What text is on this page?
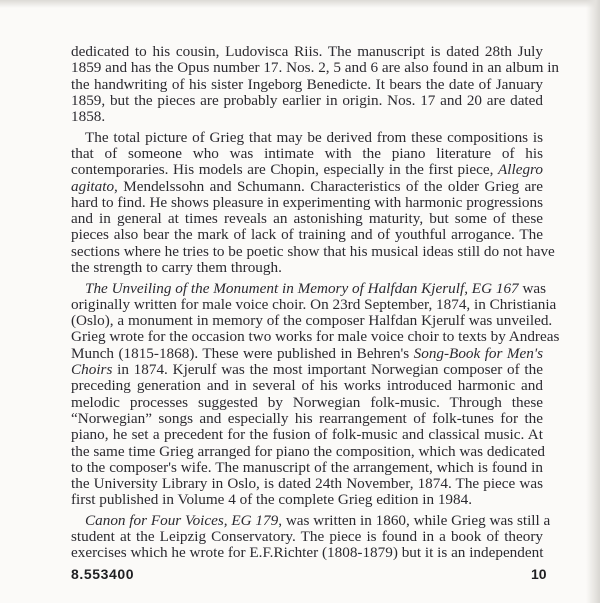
dedicated to his cousin, Ludovisca Riis. The manuscript is dated 28th July
1859 and has the Opus number 17. Nos. 2, 5 and 6 are also found in an album in
the handwriting of his sister Ingeborg Benedicte. It bears the date of January
1859, but the pieces are probably earlier in origin. Nos. 17 and 20 are dated
1858.

The total picture of Grieg that may be derived from these compositions is
that of someone who was intimate with the piano literature of his
contemporaries. His models are Chopin, especially in the first piece, Allegro
agitato, Mendelssohn and Schumann. Characteristics of the older Grieg are
hard to find. He shows pleasure in experimenting with harmonic progressions
and in general at times reveals an astonishing maturity, but some of these
pieces also bear the mark of lack of training and of youthful arrogance. The
sections where he tries to be poetic show that his musical ideas still do not have
the strength to carry them through.

The Unveiling of the Monument in Memory of Halfdan Kjerulf, EG 167 was
originally written for male voice choir. On 23rd September, 1874, in Christiania
(Oslo), a monument in memory of the composer Halfdan Kjerulf was unveiled.
Grieg wrote for the occasion two works for male voice choir to texts by Andreas
Munch (1815-1868). These were published in Behren's Song-Book for Men's
Choirs in 1874. Kjerulf was the most important Norwegian composer of the
preceding generation and in several of his works introduced harmonic and
melodic processes suggested by Norwegian folk-music. Through these
“Norwegian” songs and especially his rearrangement of folk-tunes for the
piano, he set a precedent for the fusion of folk-music and classical music. At
the same time Grieg arranged for piano the composition, which was dedicated
to the composer's wife. The manuscript of the arrangement, which is found in
the University Library in Oslo, is dated 24th November, 1874. The piece was
first published in Volume 4 of the complete Grieg edition in 1984.

Canon for Four Voices, EG 179, was written in 1860, while Grieg was still a
student at the Leipzig Conservatory. The piece is found in a book of theory
exercises which he wrote for E.F.Richter (1808-1879) but it is an independent

8.553400	10
